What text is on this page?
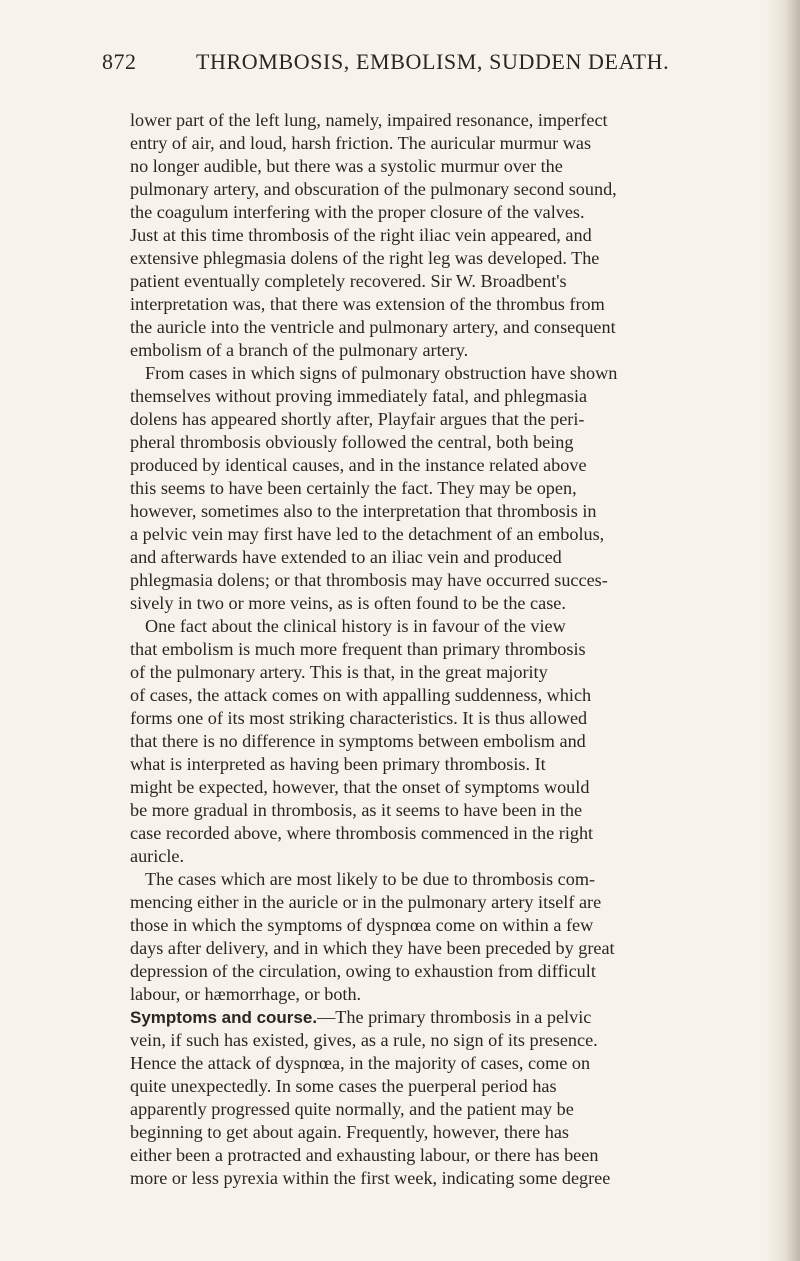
872	THROMBOSIS, EMBOLISM, SUDDEN DEATH.
lower part of the left lung, namely, impaired resonance, imperfect
entry of air, and loud, harsh friction. The auricular murmur was
no longer audible, but there was a systolic murmur over the
pulmonary artery, and obscuration of the pulmonary second sound,
the coagulum interfering with the proper closure of the valves.
Just at this time thrombosis of the right iliac vein appeared, and
extensive phlegmasia dolens of the right leg was developed. The
patient eventually completely recovered. Sir W. Broadbent's
interpretation was, that there was extension of the thrombus from
the auricle into the ventricle and pulmonary artery, and consequent
embolism of a branch of the pulmonary artery.
From cases in which signs of pulmonary obstruction have shown
themselves without proving immediately fatal, and phlegmasia
dolens has appeared shortly after, Playfair argues that the peri-
pheral thrombosis obviously followed the central, both being
produced by identical causes, and in the instance related above
this seems to have been certainly the fact. They may be open,
however, sometimes also to the interpretation that thrombosis in
a pelvic vein may first have led to the detachment of an embolus,
and afterwards have extended to an iliac vein and produced
phlegmasia dolens; or that thrombosis may have occurred succes-
sively in two or more veins, as is often found to be the case.
One fact about the clinical history is in favour of the view
that embolism is much more frequent than primary thrombosis
of the pulmonary artery. This is that, in the great majority
of cases, the attack comes on with appalling suddenness, which
forms one of its most striking characteristics. It is thus allowed
that there is no difference in symptoms between embolism and
what is interpreted as having been primary thrombosis. It
might be expected, however, that the onset of symptoms would
be more gradual in thrombosis, as it seems to have been in the
case recorded above, where thrombosis commenced in the right
auricle.
The cases which are most likely to be due to thrombosis com-
mencing either in the auricle or in the pulmonary artery itself are
those in which the symptoms of dyspnœa come on within a few
days after delivery, and in which they have been preceded by great
depression of the circulation, owing to exhaustion from difficult
labour, or hæmorrhage, or both.
Symptoms and course.—The primary thrombosis in a pelvic
vein, if such has existed, gives, as a rule, no sign of its presence.
Hence the attack of dyspnœa, in the majority of cases, come on
quite unexpectedly. In some cases the puerperal period has
apparently progressed quite normally, and the patient may be
beginning to get about again. Frequently, however, there has
either been a protracted and exhausting labour, or there has been
more or less pyrexia within the first week, indicating some degree
